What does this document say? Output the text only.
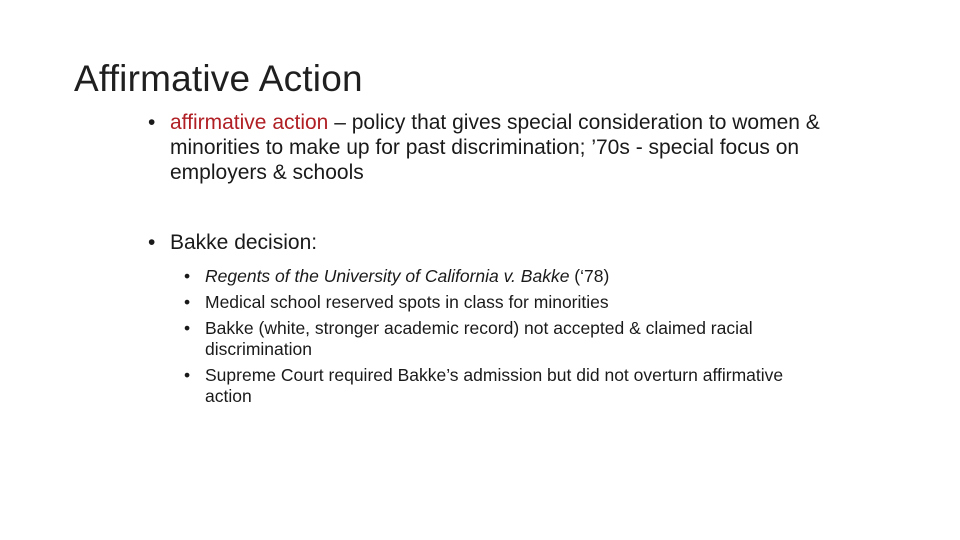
Affirmative Action

• affirmative action – policy that gives special consideration to women & minorities to make up for past discrimination; ’70s - special focus on employers & schools

• Bakke decision:

• Regents of the University of California v. Bakke (‘78)
• Medical school reserved spots in class for minorities
• Bakke (white, stronger academic record) not accepted & claimed racial discrimination
• Supreme Court required Bakke’s admission but did not overturn affirmative action
